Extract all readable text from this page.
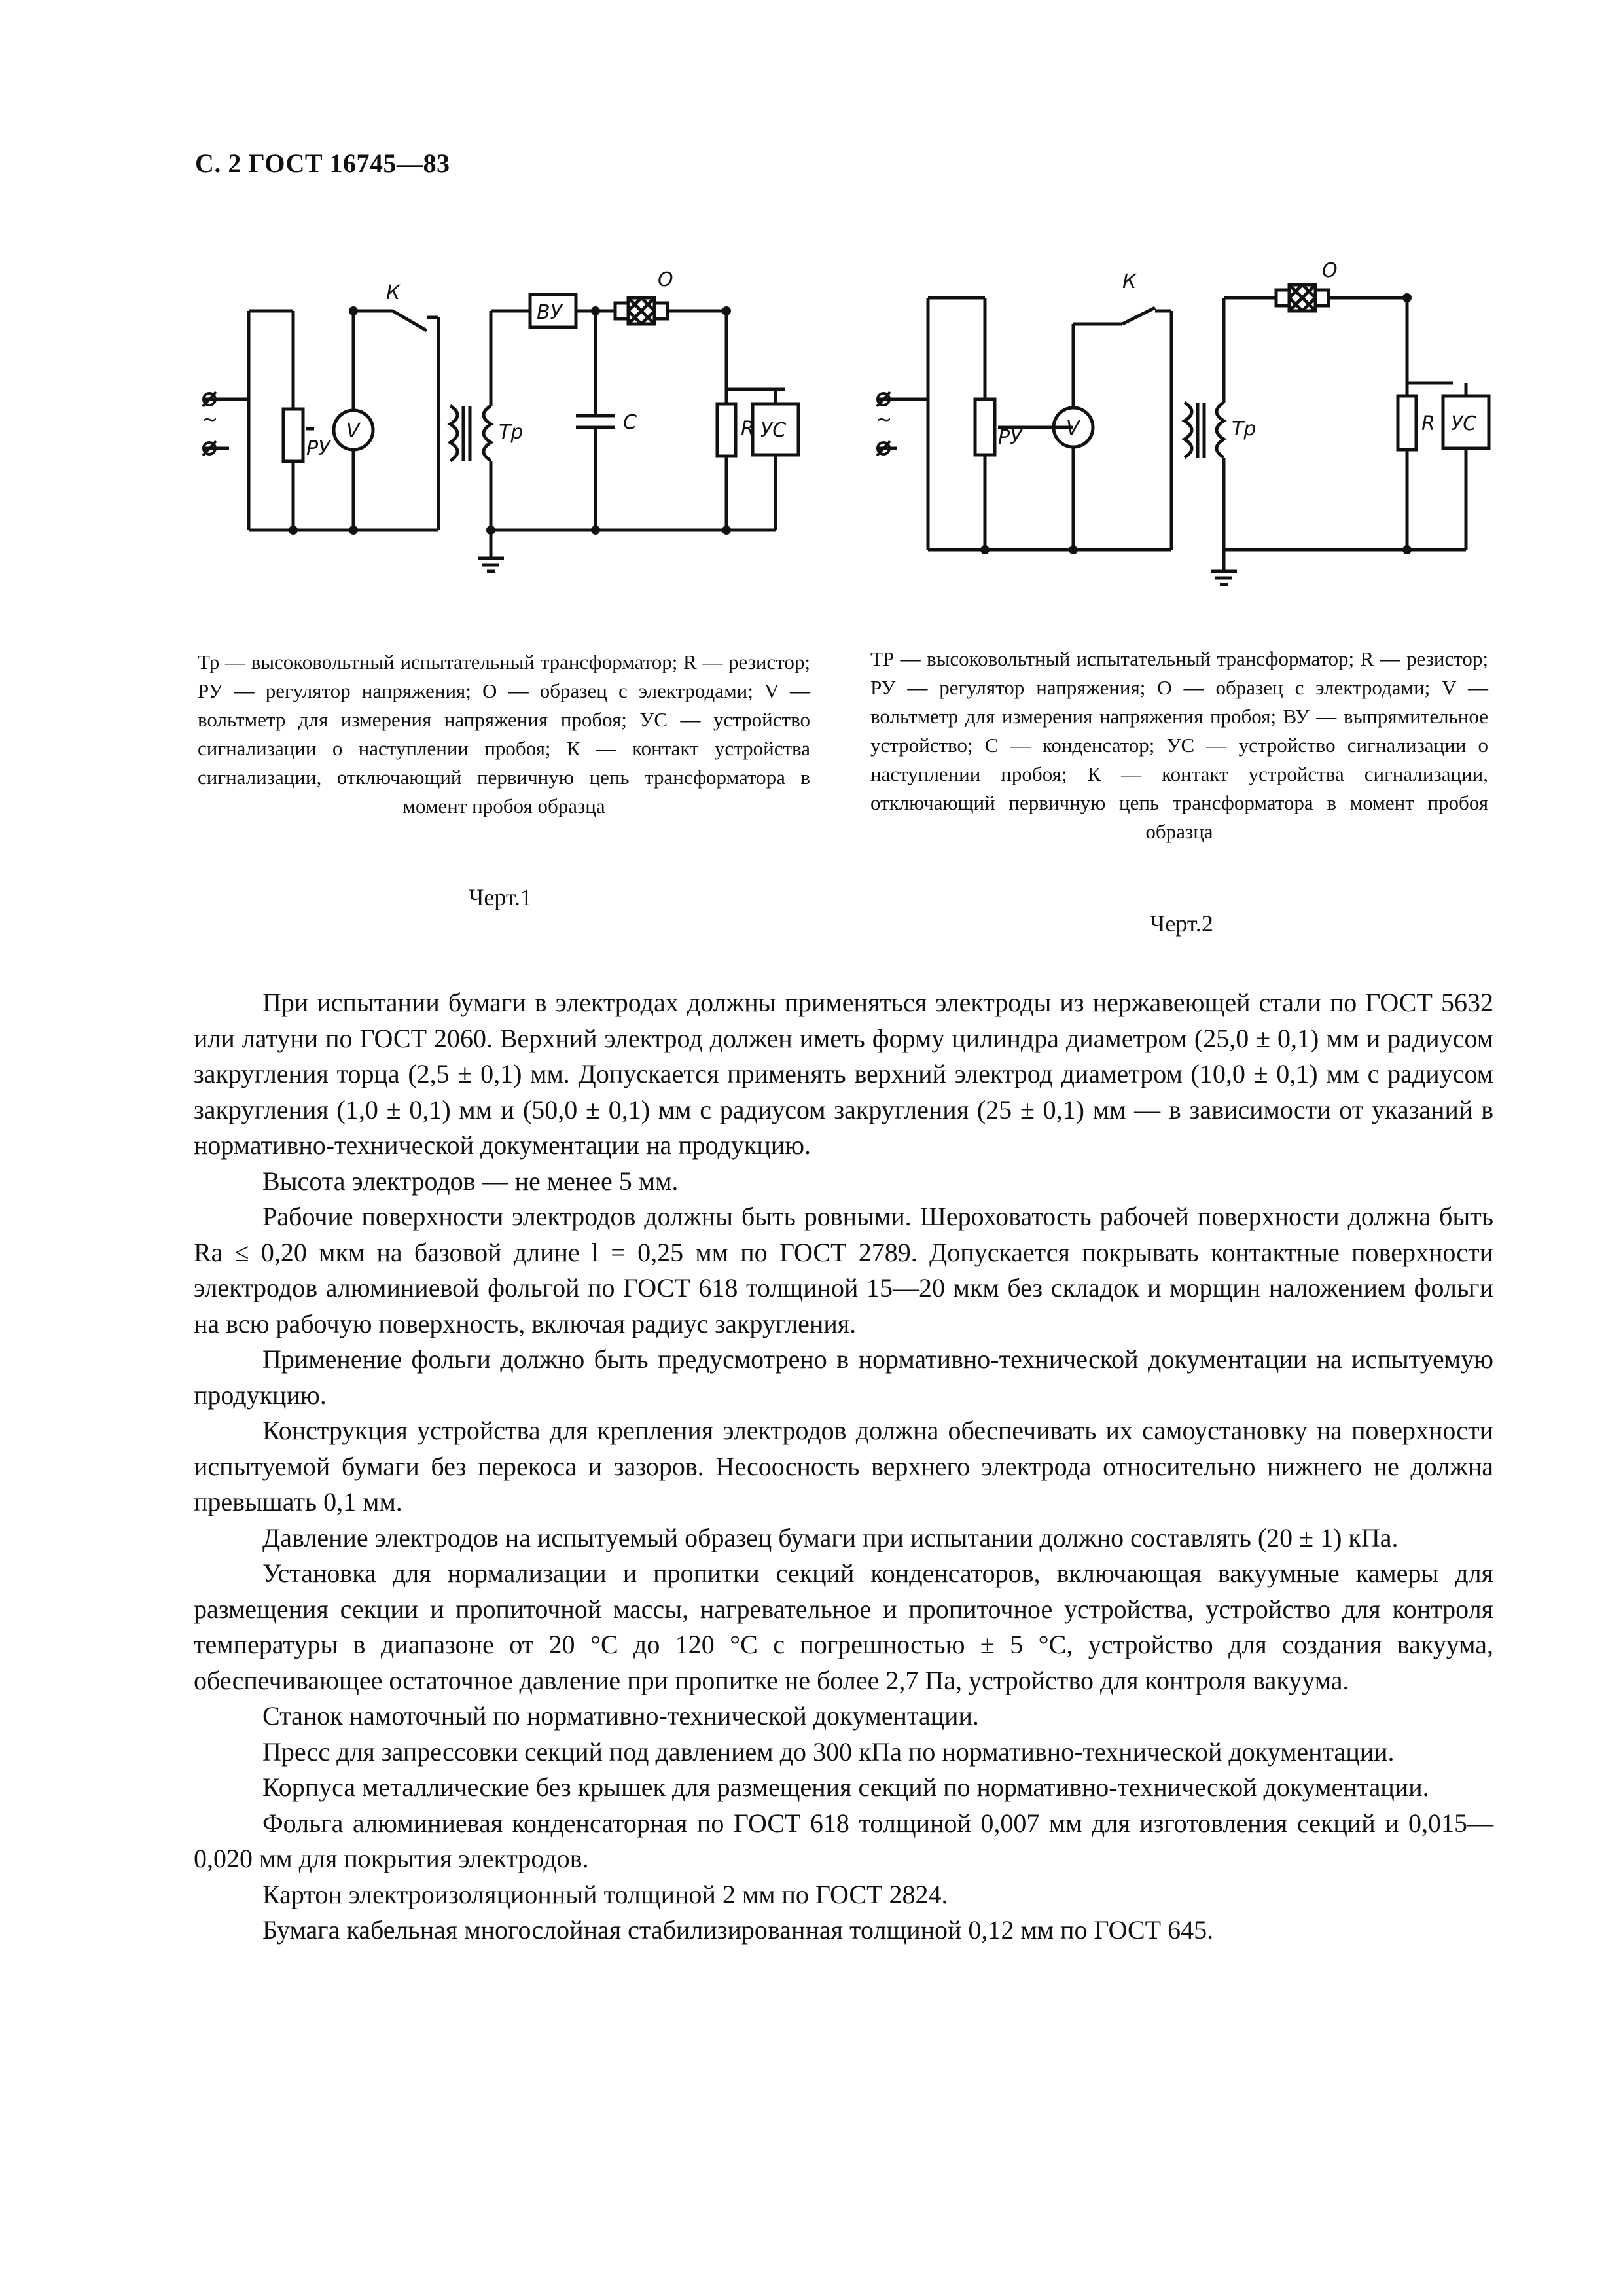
С. 2 ГОСТ 16745—83
~
РУ
V
К
Тр
ВУ
О
С	R УС	~
РУ V
К
Тр
О
R УС
Тр — высоковольтный испытательный трансформатор; R — резистор; РУ — регулятор напряжения; О — образец с электродами; V — вольтметр для измерения напряжения пробоя; УС — устройство сигнализации о наступлении пробоя; К — контакт устройства сигнализации, отключающий первичную цепь трансформатора в момент пробоя образца
ТР — высоковольтный испытательный трансформатор; R — резистор; РУ — регулятор напряжения; О — образец с электродами; V — вольтметр для измерения напряжения пробоя; ВУ — выпрямительное устройство; С — конденсатор; УС — устройство сигнализации о наступлении пробоя; К — контакт устройства сигнализации, отключающий первичную цепь трансформатора в момент пробоя образца
Черт.1
Черт.2

При испытании бумаги в электродах должны применяться электроды из нержавеющей стали по ГОСТ 5632 или латуни по ГОСТ 2060. Верхний электрод должен иметь форму цилиндра диаметром (25,0 ± 0,1) мм и радиусом закругления торца (2,5 ± 0,1) мм. Допускается применять верхний электрод диаметром (10,0 ± 0,1) мм с радиусом закругления (1,0 ± 0,1) мм и (50,0 ± 0,1) мм с радиусом закругления (25 ± 0,1) мм — в зависимости от указаний в нормативно-технической документации на продукцию.

Высота электродов — не менее 5 мм.

Рабочие поверхности электродов должны быть ровными. Шероховатость рабочей поверхности должна быть Ra ≤ 0,20 мкм на базовой длине l = 0,25 мм по ГОСТ 2789. Допускается покрывать контактные поверхности электродов алюминиевой фольгой по ГОСТ 618 толщиной 15—20 мкм без складок и морщин наложением фольги на всю рабочую поверхность, включая радиус закругления.

Применение фольги должно быть предусмотрено в нормативно-технической документации на испытуемую продукцию.

Конструкция устройства для крепления электродов должна обеспечивать их самоустановку на поверхности испытуемой бумаги без перекоса и зазоров. Несоосность верхнего электрода относительно нижнего не должна превышать 0,1 мм.

Давление электродов на испытуемый образец бумаги при испытании должно составлять (20 ± 1) кПа.

Установка для нормализации и пропитки секций конденсаторов, включающая вакуумные камеры для размещения секции и пропиточной массы, нагревательное и пропиточное устройства, устройство для контроля температуры в диапазоне от 20 °С до 120 °С с погрешностью ± 5 °С, устройство для создания вакуума, обеспечивающее остаточное давление при пропитке не более 2,7 Па, устройство для контроля вакуума.

Станок намоточный по нормативно-технической документации.

Пресс для запрессовки секций под давлением до 300 кПа по нормативно-технической документации.

Корпуса металлические без крышек для размещения секций по нормативно-технической документации.

Фольга алюминиевая конденсаторная по ГОСТ 618 толщиной 0,007 мм для изготовления секций и 0,015—0,020 мм для покрытия электродов.

Картон электроизоляционный толщиной 2 мм по ГОСТ 2824.

Бумага кабельная многослойная стабилизированная толщиной 0,12 мм по ГОСТ 645.
